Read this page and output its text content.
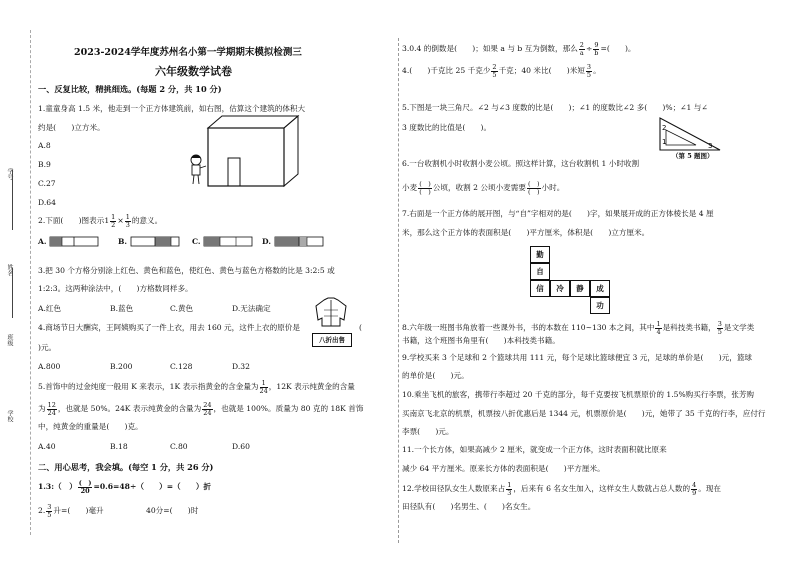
学号
姓名
班级
学校
2023-2024学年度苏州名小第一学期期末模拟检测三
六年级数学试卷
一、反复比较，精挑细选。(每题 2 分，共 10 分)
1.童童身高 1.5 米，他走到一个正方体建筑前，如右图，估算这个建筑的体积大
约是(　　)立方米。
A.8
B.9
C.27
D.64
2.下面(　　)图表示$1 \frac{1}{2} \times \frac{1}{3}$ 的意义。
A.	B.	C.	D.
3.把 30 个方格分别涂上红色、黄色和蓝色，使红色、黄色与蓝色方格数的比是 3:2:5 或
1:2:3。这两种涂法中，(　　)方格数同样多。
A.红色	B.蓝色	C.黄色	D.无法确定
八折出售
4.商场节日大酬宾，王阿姨购买了一件上衣，用去 160 元，这件上衣的原价是	(
)元。
A.800	B.200	C.128	D.32
5.首饰中的过金纯度一般用 K 来表示，1K 表示指黄金的含金量为 $\frac{1}{24}$ ，12K 表示纯黄金的含量
为 $\frac{12}{24}$ ，也就是 50%。24K 表示纯黄金的含量为 $\frac{24}{24}$ ，也就是 100%。质量为 80 克的 18K 首饰
中，纯黄金的重量是(　　)克。
A.40	B.18	C.80	D.60
二、用心思考，我会填。(每空 1 分，共 26 分)
1.3:（　） $\frac{( )}{20} =0.6=48\div$（　　）=（　　）折
2. $\frac{3}{5}$ 升=(　　)毫升	40分=(　　)时
3.0.4 的倒数是(　　)；如果 a 与 b 互为倒数，那么 $\frac{2}{a} \div \frac{9}{b}$ =(　　)。
4.(　　)千克比 25 千克少 $\frac{2}{5}$ 千克；40 米比(　　)米短 $\frac{3}{5}$ 。
5.下图是一块三角尺。∠2 与∠3 度数的比是(　　)；∠1 的度数比∠2 多(　　)%；∠1 与∠
3 度数比的比值是(　　)。	2
1	3
（第 5 题图）
6.一台收割机小时收割小麦公顷。照这样计算，这台收割机 1 小时收割
小麦 $\frac{( )}{( )}$ 公顷，收割 2 公顷小麦需要 $\frac{( )}{( )}$ 小时。
7.右面是一个正方体的展开图，与“自”字相对的是(　　)字，如果展开成的正方体棱长是 4 厘
米，那么这个正方体的表面积是(　　)平方厘米，体积是(　　)立方厘米。
勤
自
信	冷	静	成
功
8.六年级一班图书角放着一些课外书，书的本数在 110~130 本之间，其中 $\frac{1}{4}$ 是科技类书籍， $\frac{3}{5}$ 是文学类
书籍，这个班图书角里有(　　)本科技类书籍。
9.学校买来 3 个足球和 2 个篮球共用 111 元，每个足球比篮球便宜 3 元，足球的单价是(　　)元，篮球
的单价是(　　)元。
10.乘坐飞机的旅客，携带行李超过 20 千克的部分，每千克要按飞机票原价的 1.5%购买行李票，张芳购
买南京飞北京的机票，机票按八折优惠后是 1344 元，机票原价是(　　)元，她带了 35 千克的行李，应付行
李票(　　)元。
11.一个长方体，如果高减少 2 厘米，就变成一个正方体，这时表面积就比原来
减少 64 平方厘米。原来长方体的表面积是(　　)平方厘米。
12.学校田径队女生人数原来占 $\frac{1}{3}$ ，后来有 6 名女生加入，这样女生人数就占总人数的 $\frac{4}{9}$ 。现在
田径队有(　　)名男生、(　　)名女生。
